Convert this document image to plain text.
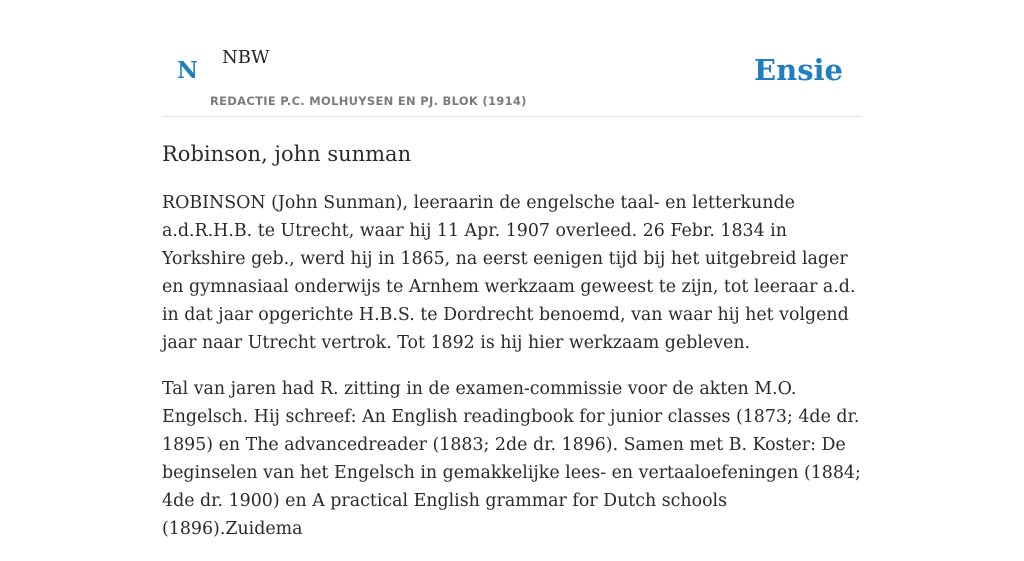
N NBW
REDACTIE P.C. MOLHUYSEN EN PJ. BLOK (1914)
Ensie
Robinson, john sunman

ROBINSON (John Sunman), leeraarin de engelsche taal- en letterkunde a.d.R.H.B. te Utrecht, waar hij 11 Apr. 1907 overleed. 26 Febr. 1834 in Yorkshire geb., werd hij in 1865, na eerst eenigen tijd bij het uitgebreid lager en gymnasiaal onderwijs te Arnhem werkzaam geweest te zijn, tot leeraar a.d. in dat jaar opgerichte H.B.S. te Dordrecht benoemd, van waar hij het volgend jaar naar Utrecht vertrok. Tot 1892 is hij hier werkzaam gebleven.

Tal van jaren had R. zitting in de examen-commissie voor de akten M.O. Engelsch. Hij schreef: An English readingbook for junior classes (1873; 4de dr. 1895) en The advancedreader (1883; 2de dr. 1896). Samen met B. Koster: De beginselen van het Engelsch in gemakkelijke lees- en vertaaloefeningen (1884; 4de dr. 1900) en A practical English grammar for Dutch schools (1896).Zuidema
